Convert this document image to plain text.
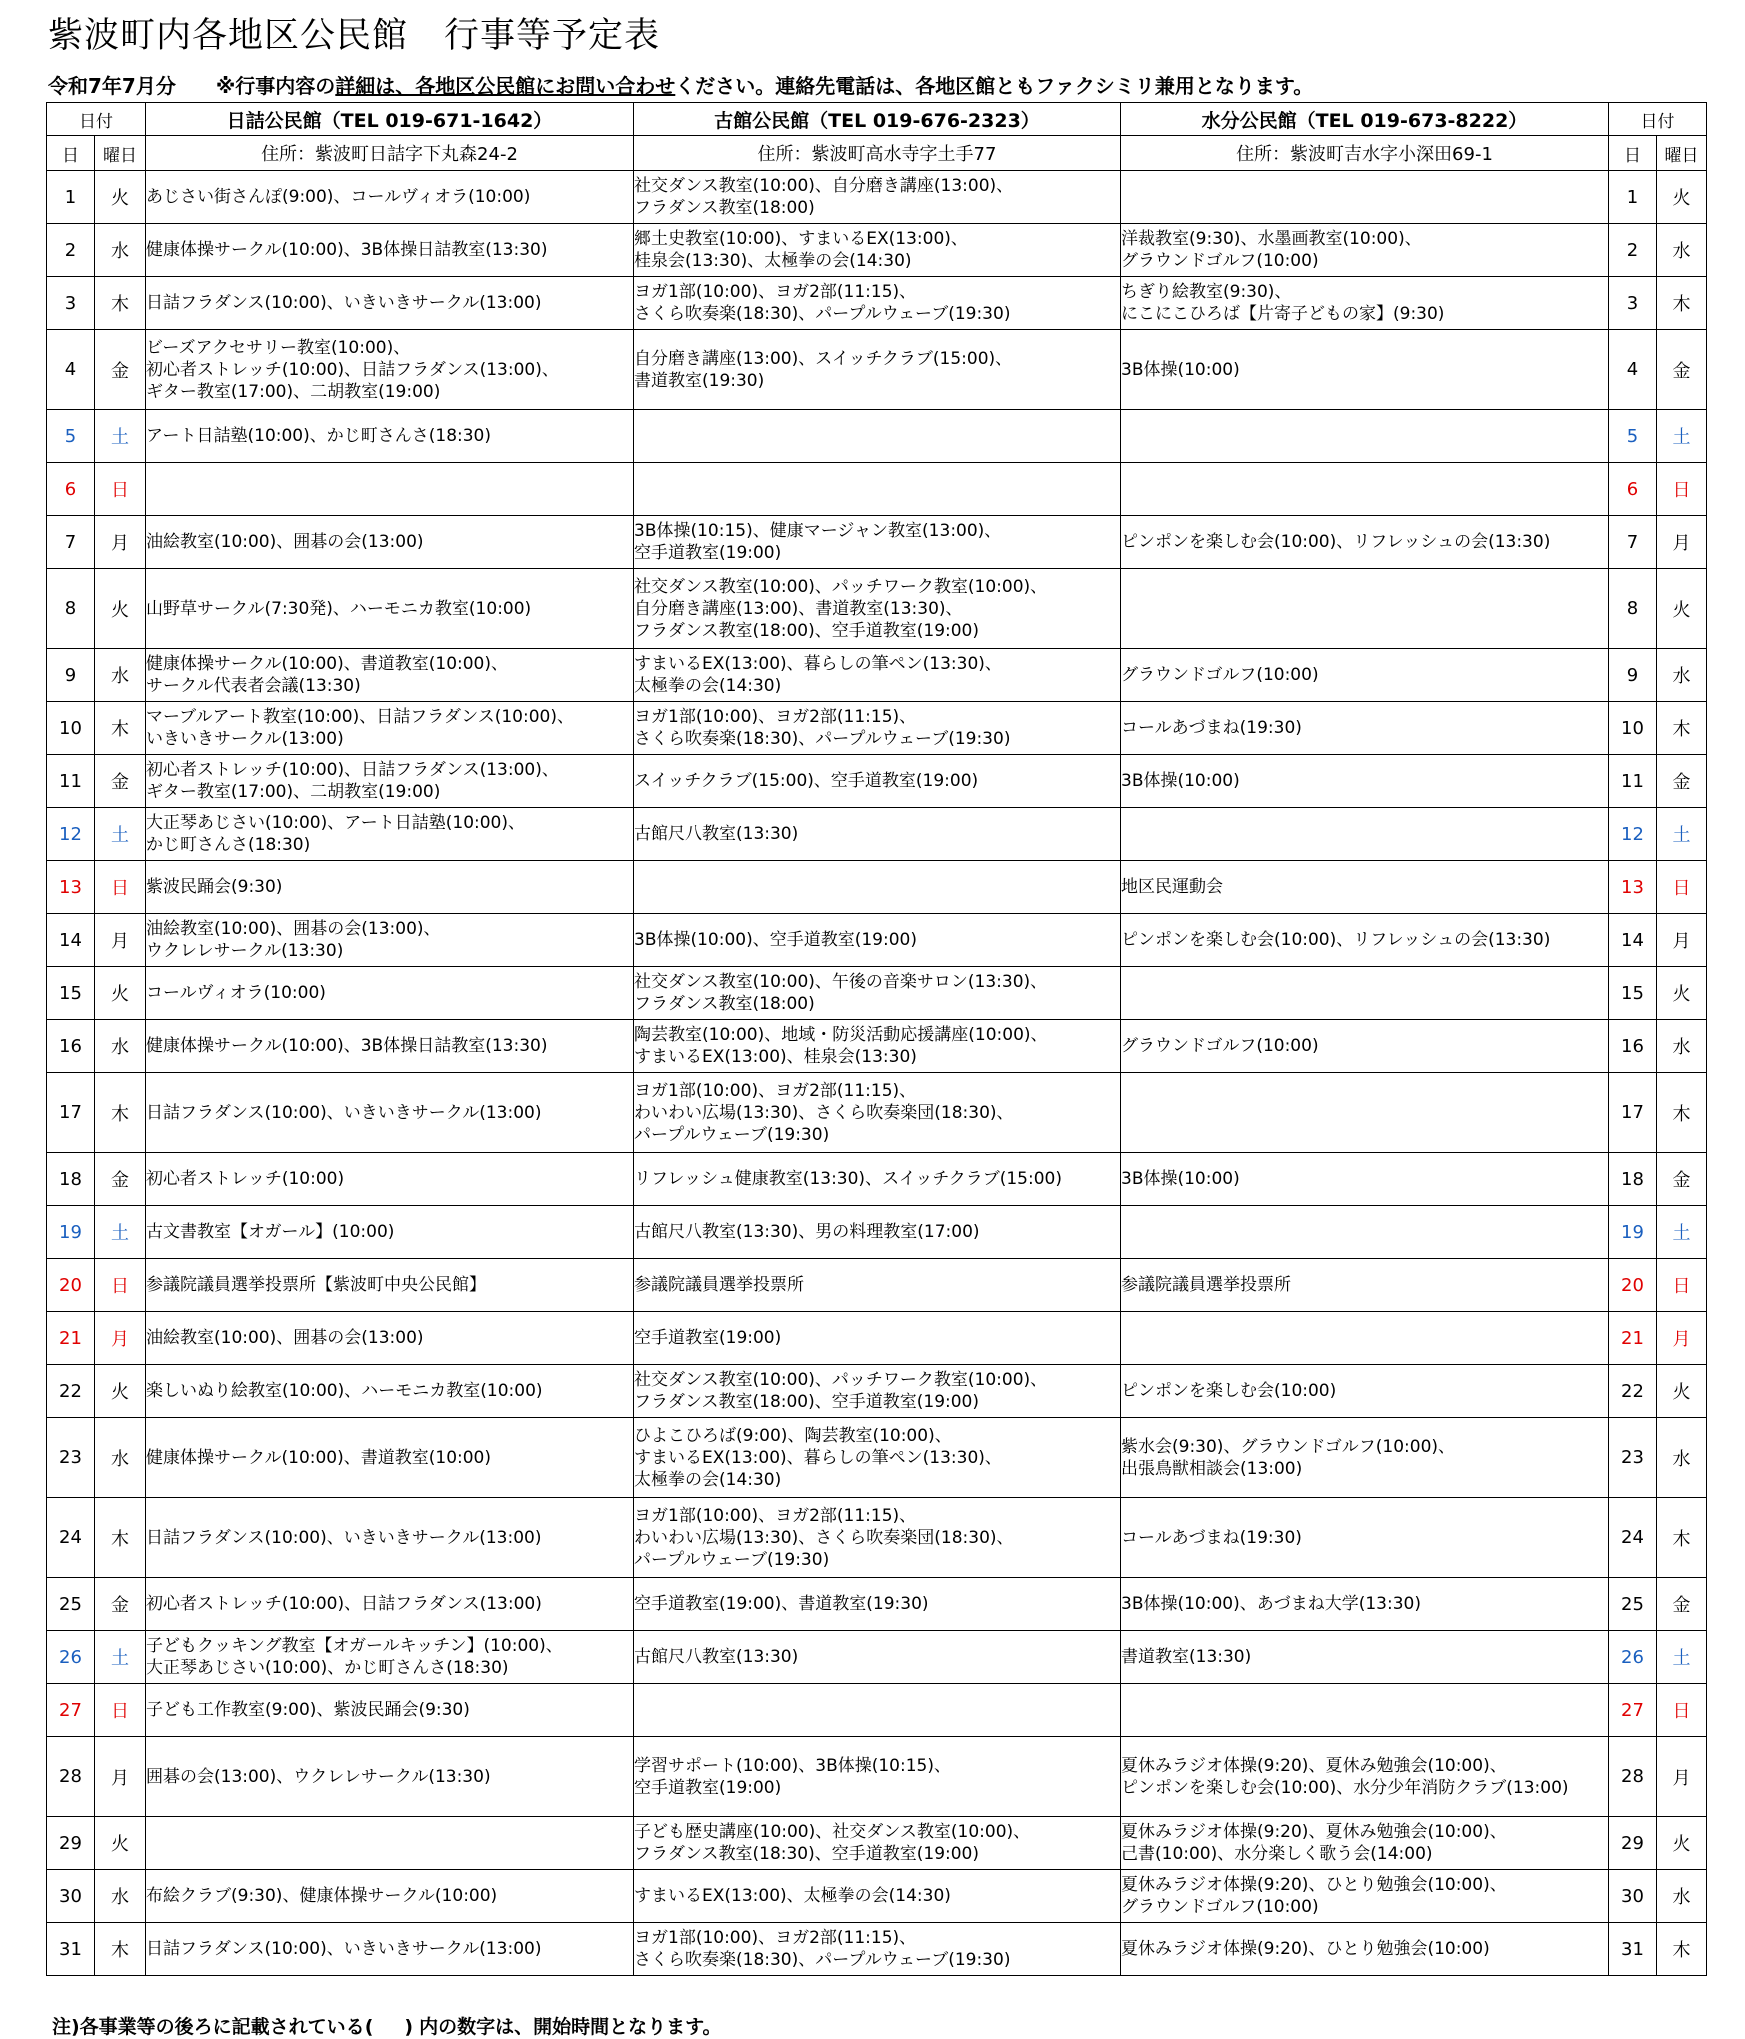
紫波町内各地区公民館　行事等予定表
令和7年7月分 ※行事内容の詳細は、各地区公民館にお問い合わせください。連絡先電話は、各地区館ともファクシミリ兼用となります。
日付		日詰公民館（TEL 019-671-1642）	古館公民館（TEL 019-676-2323）	水分公民館（TEL 019-673-8222）	日付	
日	曜日	住所：紫波町日詰字下丸森24-2	住所：紫波町高水寺字土手77	住所：紫波町吉水字小深田69-1	日	曜日
1	火	あじさい街さんぽ(9:00)、コールヴィオラ(10:00)	社交ダンス教室(10:00)、自分磨き講座(13:00)、
フラダンス教室(18:00)		1	火
2	水	健康体操サークル(10:00)、3B体操日詰教室(13:30)	郷土史教室(10:00)、すまいるEX(13:00)、
桂泉会(13:30)、太極拳の会(14:30)	洋裁教室(9:30)、水墨画教室(10:00)、
グラウンドゴルフ(10:00)	2	水
3	木	日詰フラダンス(10:00)、いきいきサークル(13:00)	ヨガ1部(10:00)、ヨガ2部(11:15)、
さくら吹奏楽(18:30)、パープルウェーブ(19:30)	ちぎり絵教室(9:30)、
にこにこひろば【片寄子どもの家】(9:30)	3	木
4	金	ビーズアクセサリー教室(10:00)、
初心者ストレッチ(10:00)、日詰フラダンス(13:00)、
ギター教室(17:00)、二胡教室(19:00)	自分磨き講座(13:00)、スイッチクラブ(15:00)、
書道教室(19:30)	3B体操(10:00)	4	金
5	土	アート日詰塾(10:00)、かじ町さんさ(18:30)			5	土
6	日				6	日
7	月	油絵教室(10:00)、囲碁の会(13:00)	3B体操(10:15)、健康マージャン教室(13:00)、
空手道教室(19:00)	ピンポンを楽しむ会(10:00)、リフレッシュの会(13:30)	7	月
8	火	山野草サークル(7:30発)、ハーモニカ教室(10:00)	社交ダンス教室(10:00)、パッチワーク教室(10:00)、
自分磨き講座(13:00)、書道教室(13:30)、
フラダンス教室(18:00)、空手道教室(19:00)		8	火
9	水	健康体操サークル(10:00)、書道教室(10:00)、
サークル代表者会議(13:30)	すまいるEX(13:00)、暮らしの筆ペン(13:30)、
太極拳の会(14:30)	グラウンドゴルフ(10:00)	9	水
10	木	マーブルアート教室(10:00)、日詰フラダンス(10:00)、
いきいきサークル(13:00)	ヨガ1部(10:00)、ヨガ2部(11:15)、
さくら吹奏楽(18:30)、パープルウェーブ(19:30)	コールあづまね(19:30)	10	木
11	金	初心者ストレッチ(10:00)、日詰フラダンス(13:00)、
ギター教室(17:00)、二胡教室(19:00)	スイッチクラブ(15:00)、空手道教室(19:00)	3B体操(10:00)	11	金
12	土	大正琴あじさい(10:00)、アート日詰塾(10:00)、
かじ町さんさ(18:30)	古館尺八教室(13:30)		12	土
13	日	紫波民踊会(9:30)		地区民運動会	13	日
14	月	油絵教室(10:00)、囲碁の会(13:00)、
ウクレレサークル(13:30)	3B体操(10:00)、空手道教室(19:00)	ピンポンを楽しむ会(10:00)、リフレッシュの会(13:30)	14	月
15	火	コールヴィオラ(10:00)	社交ダンス教室(10:00)、午後の音楽サロン(13:30)、
フラダンス教室(18:00)		15	火
16	水	健康体操サークル(10:00)、3B体操日詰教室(13:30)	陶芸教室(10:00)、地域・防災活動応援講座(10:00)、
すまいるEX(13:00)、桂泉会(13:30)	グラウンドゴルフ(10:00)	16	水
17	木	日詰フラダンス(10:00)、いきいきサークル(13:00)	ヨガ1部(10:00)、ヨガ2部(11:15)、
わいわい広場(13:30)、さくら吹奏楽団(18:30)、
パープルウェーブ(19:30)		17	木
18	金	初心者ストレッチ(10:00)	リフレッシュ健康教室(13:30)、スイッチクラブ(15:00)	3B体操(10:00)	18	金
19	土	古文書教室【オガール】(10:00)	古館尺八教室(13:30)、男の料理教室(17:00)		19	土
20	日	参議院議員選挙投票所【紫波町中央公民館】	参議院議員選挙投票所	参議院議員選挙投票所	20	日
21	月	油絵教室(10:00)、囲碁の会(13:00)	空手道教室(19:00)		21	月
22	火	楽しいぬり絵教室(10:00)、ハーモニカ教室(10:00)	社交ダンス教室(10:00)、パッチワーク教室(10:00)、
フラダンス教室(18:00)、空手道教室(19:00)	ピンポンを楽しむ会(10:00)	22	火
23	水	健康体操サークル(10:00)、書道教室(10:00)	ひよこひろば(9:00)、陶芸教室(10:00)、
すまいるEX(13:00)、暮らしの筆ペン(13:30)、
太極拳の会(14:30)	紫水会(9:30)、グラウンドゴルフ(10:00)、
出張鳥獣相談会(13:00)	23	水
24	木	日詰フラダンス(10:00)、いきいきサークル(13:00)	ヨガ1部(10:00)、ヨガ2部(11:15)、
わいわい広場(13:30)、さくら吹奏楽団(18:30)、
パープルウェーブ(19:30)	コールあづまね(19:30)	24	木
25	金	初心者ストレッチ(10:00)、日詰フラダンス(13:00)	空手道教室(19:00)、書道教室(19:30)	3B体操(10:00)、あづまね大学(13:30)	25	金
26	土	子どもクッキング教室【オガールキッチン】(10:00)、
大正琴あじさい(10:00)、かじ町さんさ(18:30)	古館尺八教室(13:30)	書道教室(13:30)	26	土
27	日	子ども工作教室(9:00)、紫波民踊会(9:30)			27	日
28	月	囲碁の会(13:00)、ウクレレサークル(13:30)	学習サポート(10:00)、3B体操(10:15)、
空手道教室(19:00)	夏休みラジオ体操(9:20)、夏休み勉強会(10:00)、
ピンポンを楽しむ会(10:00)、水分少年消防クラブ(13:00)	28	月
29	火		子ども歴史講座(10:00)、社交ダンス教室(10:00)、
フラダンス教室(18:30)、空手道教室(19:00)	夏休みラジオ体操(9:20)、夏休み勉強会(10:00)、
己書(10:00)、水分楽しく歌う会(14:00)	29	火
30	水	布絵クラブ(9:30)、健康体操サークル(10:00)	すまいるEX(13:00)、太極拳の会(14:30)	夏休みラジオ体操(9:20)、ひとり勉強会(10:00)、
グラウンドゴルフ(10:00)	30	水
31	木	日詰フラダンス(10:00)、いきいきサークル(13:00)	ヨガ1部(10:00)、ヨガ2部(11:15)、
さくら吹奏楽(18:30)、パープルウェーブ(19:30)	夏休みラジオ体操(9:20)、ひとり勉強会(10:00)	31	木
注)各事業等の後ろに記載されている(　)内の数字は、開始時間となります。
